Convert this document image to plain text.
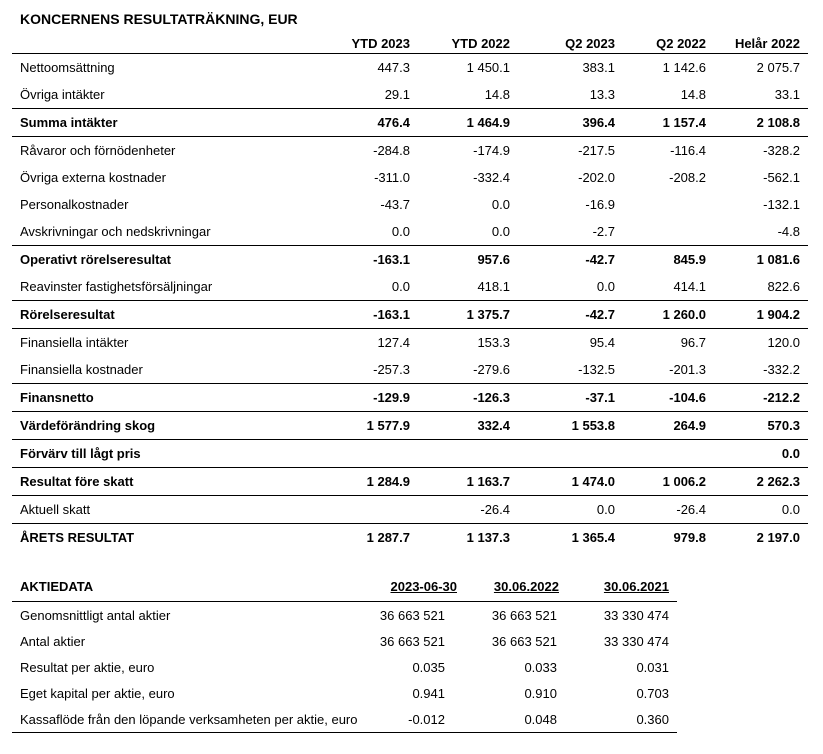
KONCERNENS RESULTATRÄKNING, EUR
	YTD 2023	YTD 2022	Q2 2023	Q2 2022	Helår 2022
Nettoomsättning	447.3	1 450.1	383.1	1 142.6	2 075.7
Övriga intäkter	29.1	14.8	13.3	14.8	33.1
Summa intäkter	476.4	1 464.9	396.4	1 157.4	2 108.8
Råvaror och förnödenheter	-284.8	-174.9	-217.5	-116.4	-328.2
Övriga externa kostnader	-311.0	-332.4	-202.0	-208.2	-562.1
Personalkostnader	-43.7	0.0	-16.9		-132.1
Avskrivningar och nedskrivningar	0.0	0.0	-2.7		-4.8
Operativt rörelseresultat	-163.1	957.6	-42.7	845.9	1 081.6
Reavinster fastighetsförsäljningar	0.0	418.1	0.0	414.1	822.6
Rörelseresultat	-163.1	1 375.7	-42.7	1 260.0	1 904.2
Finansiella intäkter	127.4	153.3	95.4	96.7	120.0
Finansiella kostnader	-257.3	-279.6	-132.5	-201.3	-332.2
Finansnetto	-129.9	-126.3	-37.1	-104.6	-212.2
Värdeförändring skog	1 577.9	332.4	1 553.8	264.9	570.3
Förvärv till lågt pris					0.0
Resultat före skatt	1 284.9	1 163.7	1 474.0	1 006.2	2 262.3
Aktuell skatt		-26.4	0.0	-26.4	0.0
ÅRETS RESULTAT	1 287.7	1 137.3	1 365.4	979.8	2 197.0
AKTIEDATA	2023-06-30	30.06.2022	30.06.2021
Genomsnittligt antal aktier	36 663 521	36 663 521	33 330 474
Antal aktier	36 663 521	36 663 521	33 330 474
Resultat per aktie, euro	0.035	0.033	0.031
Eget kapital per aktie, euro	0.941	0.910	0.703
Kassaflöde från den löpande verksamheten per aktie, euro	-0.012	0.048	0.360
